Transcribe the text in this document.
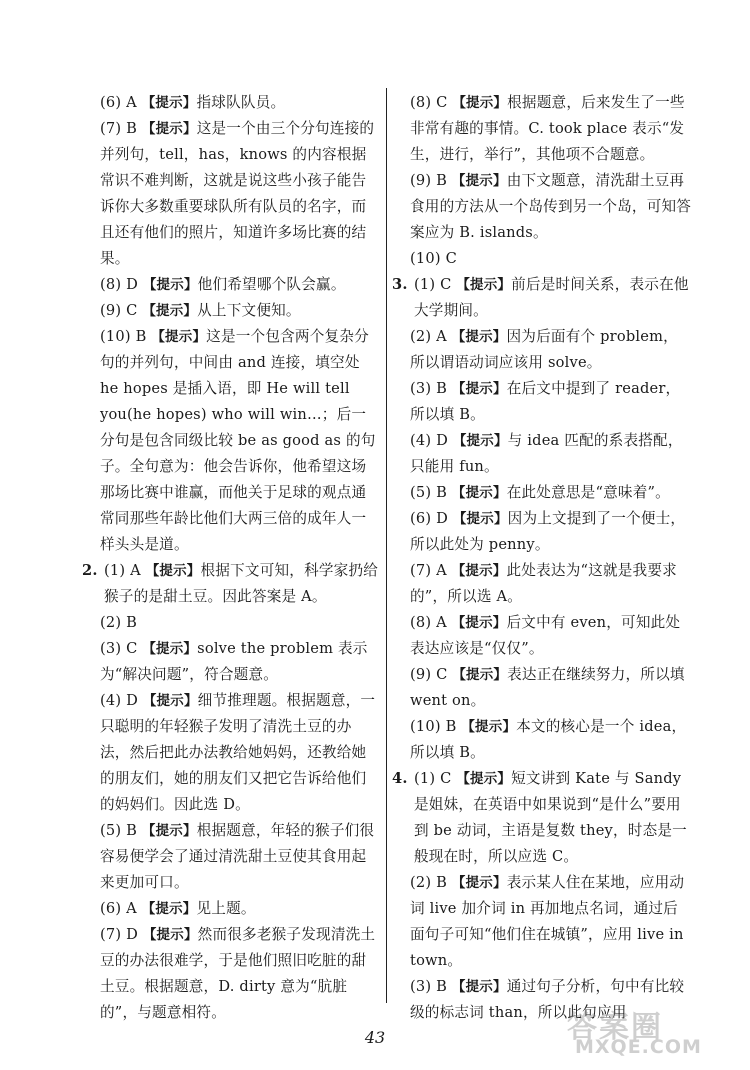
(6) A 【提示】指球队队员。

(7) B 【提示】这是一个由三个分句连接的并列句，tell，has，knows 的内容根据常识不难判断，这就是说这些小孩子能告诉你大多数重要球队所有队员的名字，而且还有他们的照片，知道许多场比赛的结果。

(8) D 【提示】他们希望哪个队会赢。

(9) C 【提示】从上下文便知。

(10) B 【提示】这是一个包含两个复杂分句的并列句，中间由 and 连接，填空处 he hopes 是插入语，即 He will tell you(he hopes) who will win…；后一分句是包含同级比较 be as good as 的句子。全句意为：他会告诉你，他希望这场那场比赛中谁赢，而他关于足球的观点通常同那些年龄比他们大两三倍的成年人一样头头是道。

2. (1) A 【提示】根据下文可知，科学家扔给猴子的是甜土豆。因此答案是 A。

(2) B

(3) C 【提示】solve the problem 表示为“解决问题”，符合题意。

(4) D 【提示】细节推理题。根据题意，一只聪明的年轻猴子发明了清洗土豆的办法，然后把此办法教给她妈妈，还教给她的朋友们，她的朋友们又把它告诉给他们的妈妈们。因此选 D。

(5) B 【提示】根据题意，年轻的猴子们很容易便学会了通过清洗甜土豆使其食用起来更加可口。

(6) A 【提示】见上题。

(7) D 【提示】然而很多老猴子发现清洗土豆的办法很难学，于是他们照旧吃脏的甜土豆。根据题意，D. dirty 意为“肮脏的”，与题意相符。

(8) C 【提示】根据题意，后来发生了一些非常有趣的事情。C. took place 表示“发生，进行，举行”，其他项不合题意。

(9) B 【提示】由下文题意，清洗甜土豆再食用的方法从一个岛传到另一个岛，可知答案应为 B. islands。

(10) C

3. (1) C 【提示】前后是时间关系，表示在他大学期间。

(2) A 【提示】因为后面有个 problem，所以谓语动词应该用 solve。

(3) B 【提示】在后文中提到了 reader，所以填 B。

(4) D 【提示】与 idea 匹配的系表搭配，只能用 fun。

(5) B 【提示】在此处意思是“意味着”。

(6) D 【提示】因为上文提到了一个便士，所以此处为 penny。

(7) A 【提示】此处表达为“这就是我要求的”，所以选 A。

(8) A 【提示】后文中有 even，可知此处表达应该是“仅仅”。

(9) C 【提示】表达正在继续努力，所以填 went on。

(10) B 【提示】本文的核心是一个 idea，所以填 B。

4. (1) C 【提示】短文讲到 Kate 与 Sandy 是姐妹，在英语中如果说到“是什么”要用到 be 动词，主语是复数 they，时态是一般现在时，所以应选 C。

(2) B 【提示】表示某人住在某地，应用动词 live 加介词 in 再加地点名词，通过后面句子可知“他们住在城镇”，应用 live in town。

(3) B 【提示】通过句子分析，句中有比较级的标志词 than，所以此句应用

43	答案圈
MXQE.COM
